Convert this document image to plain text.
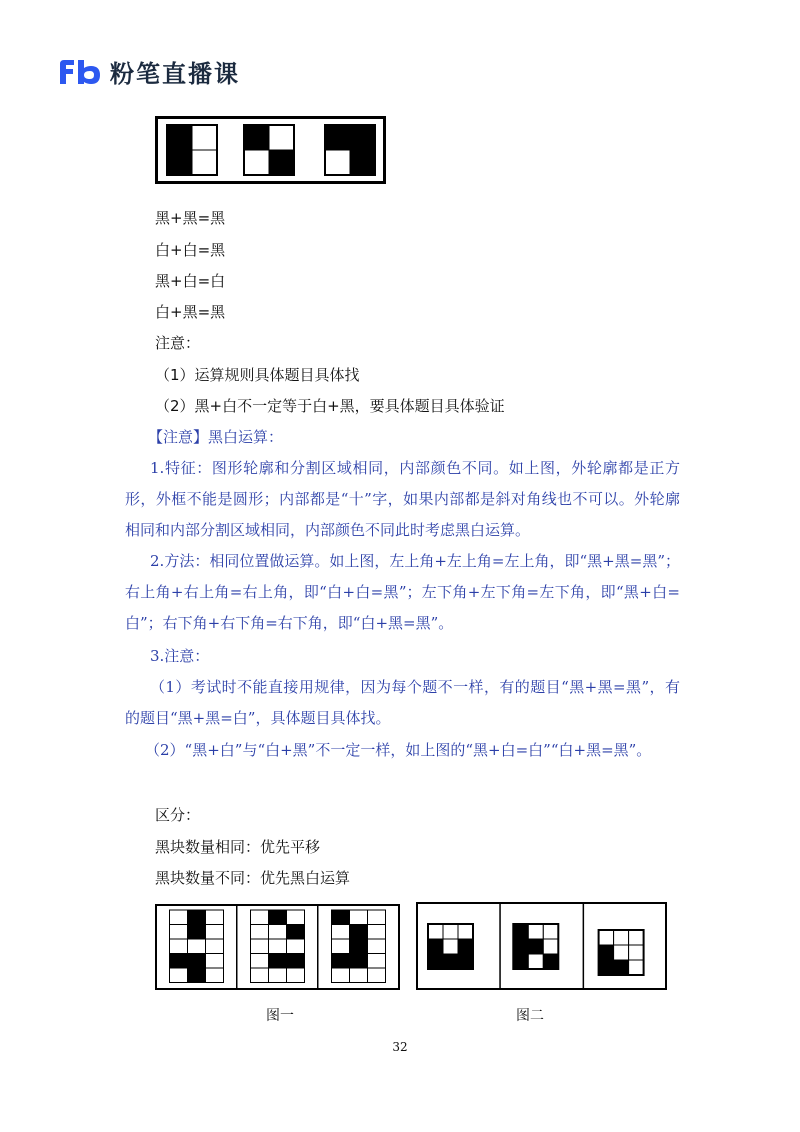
粉笔直播课
黑+黑=黑
白+白=黑
黑+白=白
白+黑=黑
注意：
（1）运算规则具体题目具体找
（2）黑+白不一定等于白+黑，要具体题目具体验证
【注意】黑白运算：
1.特征：图形轮廓和分割区域相同，内部颜色不同。如上图，外轮廓都是正方形，外框不能是圆形；内部都是“十”字，如果内部都是斜对角线也不可以。外轮廓相同和内部分割区域相同，内部颜色不同此时考虑黑白运算。
2.方法：相同位置做运算。如上图，左上角+左上角=左上角，即“黑+黑=黑”；右上角+右上角=右上角，即“白+白=黑”；左下角+左下角=左下角，即“黑+白=白”；右下角+右下角=右下角，即“白+黑=黑”。
3.注意：
（1）考试时不能直接用规律，因为每个题不一样，有的题目“黑+黑=黑”，有的题目“黑+黑=白”，具体题目具体找。
（2）“黑+白”与“白+黑”不一定一样，如上图的“黑+白=白”“白+黑=黑”。
区分：
黑块数量相同：优先平移
黑块数量不同：优先黑白运算
图一	图二
32
